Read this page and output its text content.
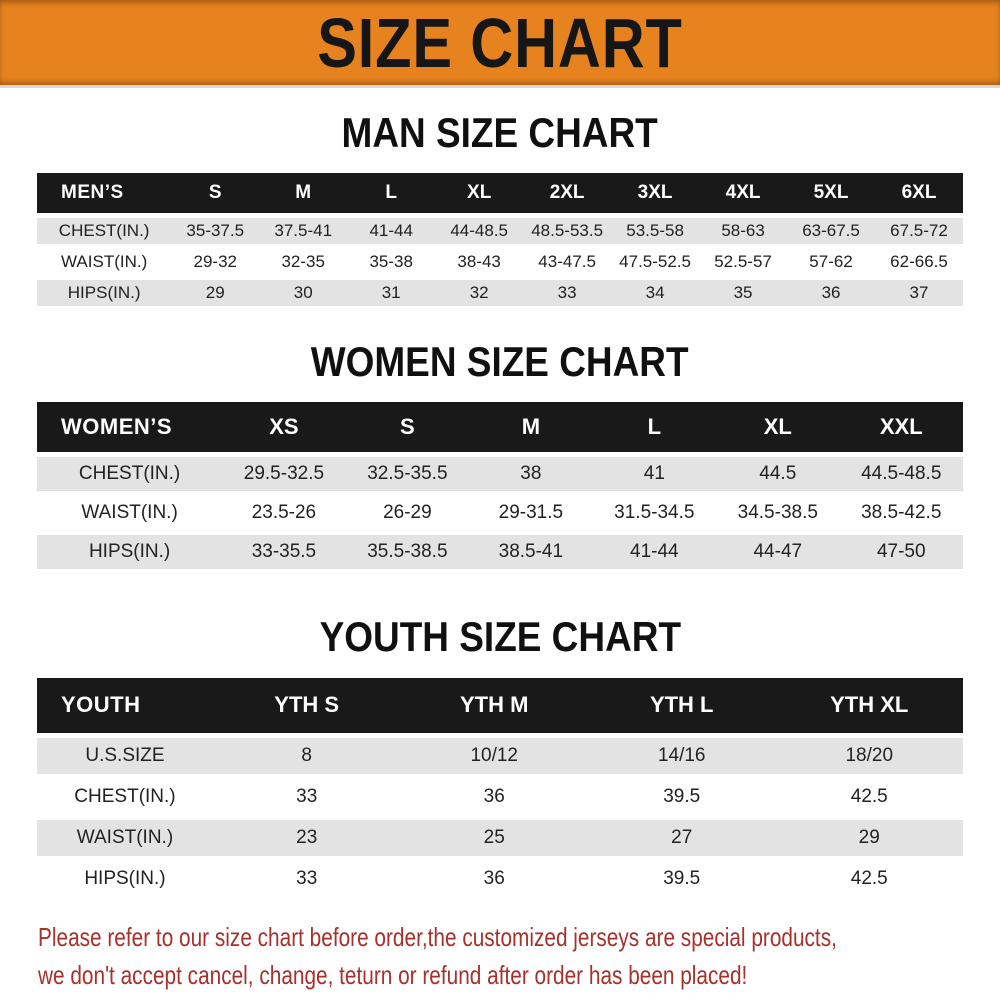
SIZE CHART
MAN SIZE CHART
MEN’S	S	M	L	XL	2XL	3XL	4XL	5XL	6XL
CHEST(IN.)	35-37.5	37.5-41	41-44	44-48.5	48.5-53.5	53.5-58	58-63	63-67.5	67.5-72
WAIST(IN.)	29-32	32-35	35-38	38-43	43-47.5	47.5-52.5	52.5-57	57-62	62-66.5
HIPS(IN.)	29	30	31	32	33	34	35	36	37
WOMEN SIZE CHART
WOMEN’S	XS	S	M	L	XL	XXL
CHEST(IN.)	29.5-32.5	32.5-35.5	38	41	44.5	44.5-48.5
WAIST(IN.)	23.5-26	26-29	29-31.5	31.5-34.5	34.5-38.5	38.5-42.5
HIPS(IN.)	33-35.5	35.5-38.5	38.5-41	41-44	44-47	47-50
YOUTH SIZE CHART
YOUTH	YTH S	YTH M	YTH L	YTH XL
U.S.SIZE	8	10/12	14/16	18/20
CHEST(IN.)	33	36	39.5	42.5
WAIST(IN.)	23	25	27	29
HIPS(IN.)	33	36	39.5	42.5
Please refer to our size chart before order,the customized jerseys are special products,
we don't accept cancel, change, teturn or refund after order has been placed!
